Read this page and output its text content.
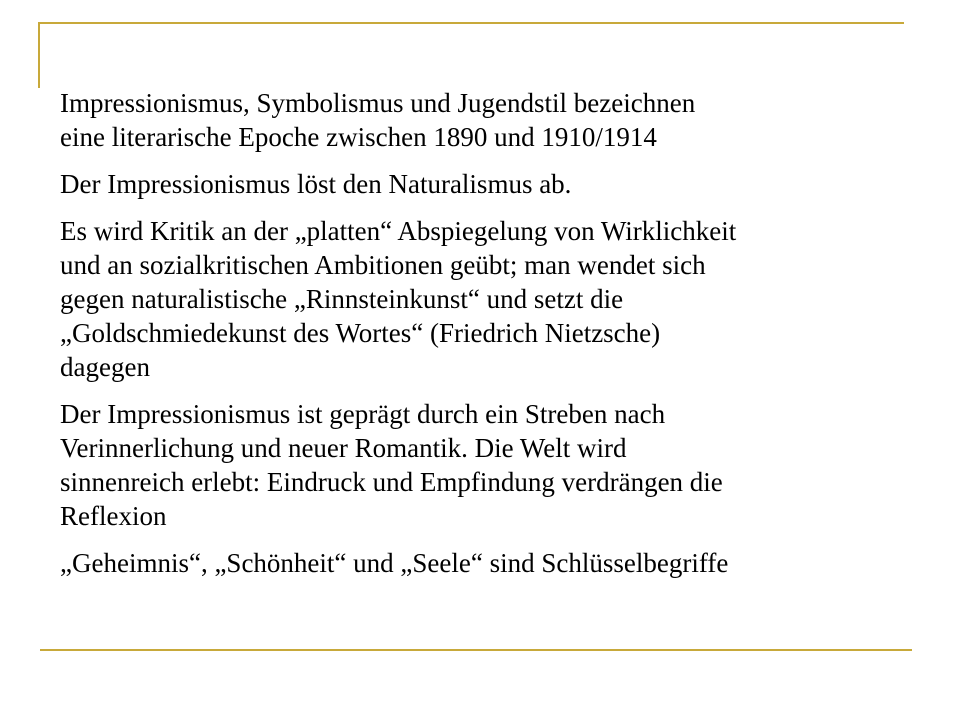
Impressionismus, Symbolismus und Jugendstil bezeichnen
eine literarische Epoche zwischen 1890 und 1910/1914

Der Impressionismus löst den Naturalismus ab.

Es wird Kritik an der „platten“ Abspiegelung von Wirklichkeit
und an sozialkritischen Ambitionen geübt; man wendet sich
gegen naturalistische „Rinnsteinkunst“ und setzt die
„Goldschmiedekunst des Wortes“ (Friedrich Nietzsche)
dagegen

Der Impressionismus ist geprägt durch ein Streben nach
Verinnerlichung und neuer Romantik. Die Welt wird
sinnenreich erlebt: Eindruck und Empfindung verdrängen die
Reflexion

„Geheimnis“, „Schönheit“ und „Seele“ sind Schlüsselbegriffe
